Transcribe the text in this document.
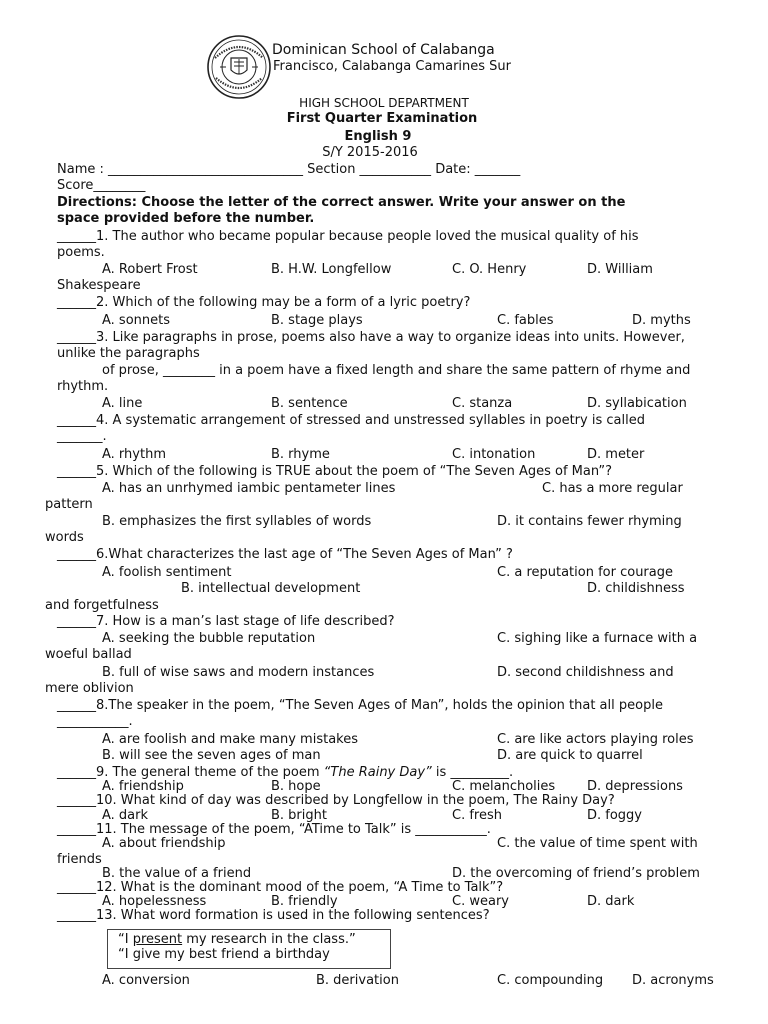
Dominican School of Calabanga
Francisco, Calabanga Camarines Sur
HIGH SCHOOL DEPARTMENT
First Quarter Examination
English 9
S/Y 2015-2016
Name : ______________________________ Section ___________ Date: _______
Score________
Directions: Choose the letter of the correct answer. Write your answer on the
space provided before the number.
______1. The author who became popular because people loved the musical quality of his
poems.
A. Robert Frost	B. H.W. Longfellow	C. O. Henry	D. William
Shakespeare
______2. Which of the following may be a form of a lyric poetry?
A. sonnets	B. stage plays	C. fables	D. myths
______3. Like paragraphs in prose, poems also have a way to organize ideas into units. However,
unlike the paragraphs
of prose, ________ in a poem have a fixed length and share the same pattern of rhyme and
rhythm.
A. line	B. sentence	C. stanza	D. syllabication
______4. A systematic arrangement of stressed and unstressed syllables in poetry is called
_______.
A. rhythm	B. rhyme	C. intonation	D. meter
______5. Which of the following is TRUE about the poem of “The Seven Ages of Man”?
A. has an unrhymed iambic pentameter lines	C. has a more regular
pattern
B. emphasizes the first syllables of words	D. it contains fewer rhyming
words
______6.What characterizes the last age of “The Seven Ages of Man” ?
A. foolish sentiment	C. a reputation for courage
B. intellectual development	D. childishness
and forgetfulness
______7. How is a man’s last stage of life described?
A. seeking the bubble reputation	C. sighing like a furnace with a
woeful ballad
B. full of wise saws and modern instances	D. second childishness and
mere oblivion
______8.The speaker in the poem, “The Seven Ages of Man”, holds the opinion that all people
___________.
A. are foolish and make many mistakes	C. are like actors playing roles
B. will see the seven ages of man	D. are quick to quarrel
______9. The general theme of the poem “The Rainy Day” is _________.
A. friendship	B. hope	C. melancholies D. depressions
______10. What kind of day was described by Longfellow in the poem, The Rainy Day?
A. dark	B. bright	C. fresh	D. foggy
______11. The message of the poem, “ATime to Talk” is ___________.
A. about friendship	C. the value of time spent with
friends
B. the value of a friend	D. the overcoming of friend’s problem
______12. What is the dominant mood of the poem, “A Time to Talk”?
A. hopelessness	B. friendly	C. weary	D. dark
______13. What word formation is used in the following sentences?
“I present my research in the class.”
“I give my best friend a birthday
A. conversion	B. derivation	C. compounding D. acronyms
